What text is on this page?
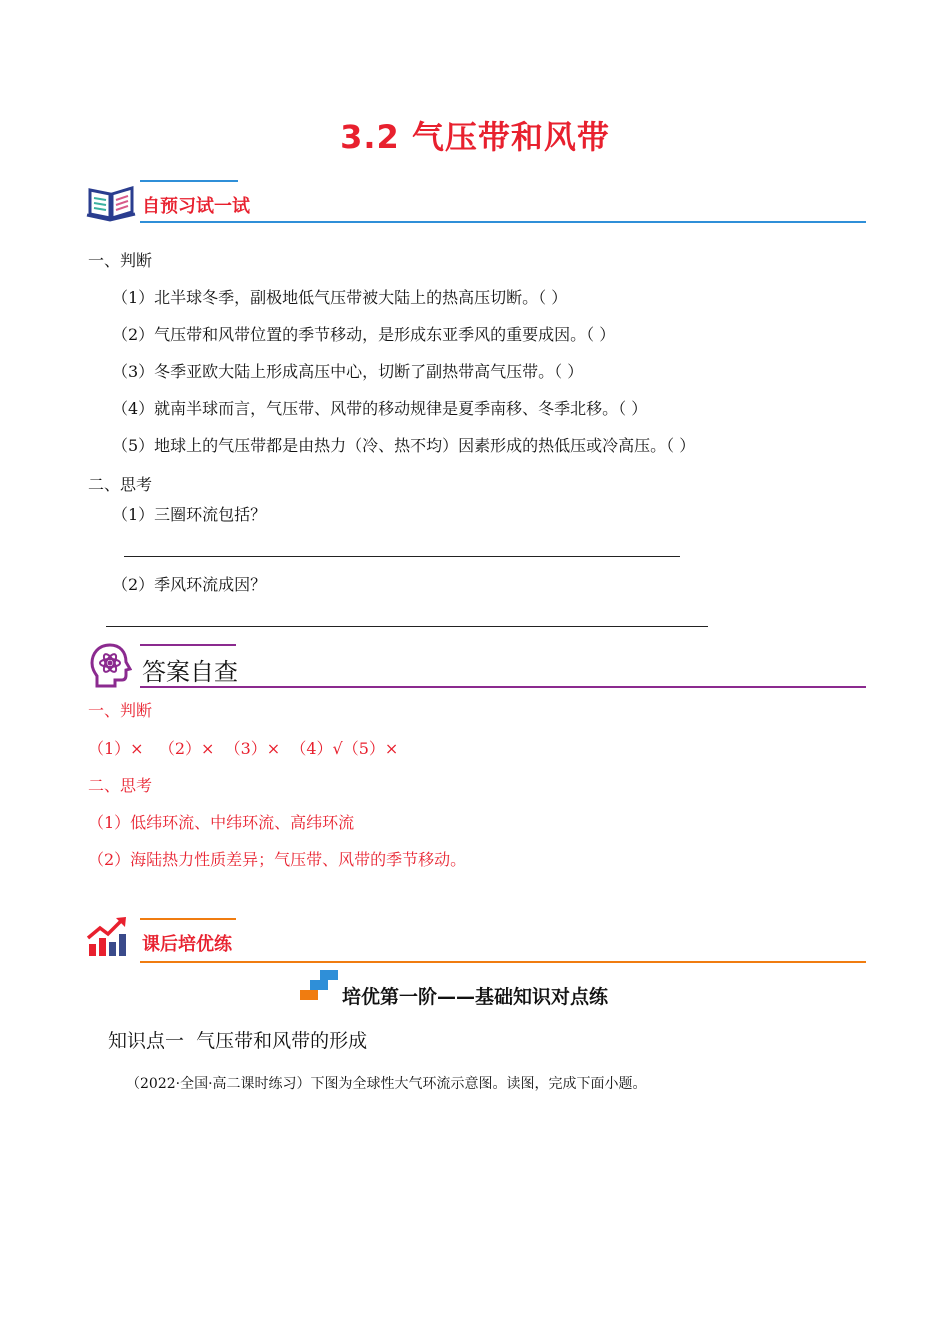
3.2 气压带和风带
自预习试一试
一、判断
（1）北半球冬季，副极地低气压带被大陆上的热高压切断。（ ）
（2）气压带和风带位置的季节移动，是形成东亚季风的重要成因。（ ）
（3）冬季亚欧大陆上形成高压中心，切断了副热带高气压带。（ ）
（4）就南半球而言，气压带、风带的移动规律是夏季南移、冬季北移。（ ）
（5）地球上的气压带都是由热力（冷、热不均）因素形成的热低压或冷高压。（ ）
二、思考
（1）三圈环流包括？
（2）季风环流成因？
答案自查
一、判断
（1）×   （2）×  （3）×  （4）√（5）×
二、思考
（1）低纬环流、中纬环流、高纬环流
（2）海陆热力性质差异；气压带、风带的季节移动。
课后培优练
培优第一阶——基础知识对点练
知识点一  气压带和风带的形成
（2022·全国·高二课时练习）下图为全球性大气环流示意图。读图，完成下面小题。
